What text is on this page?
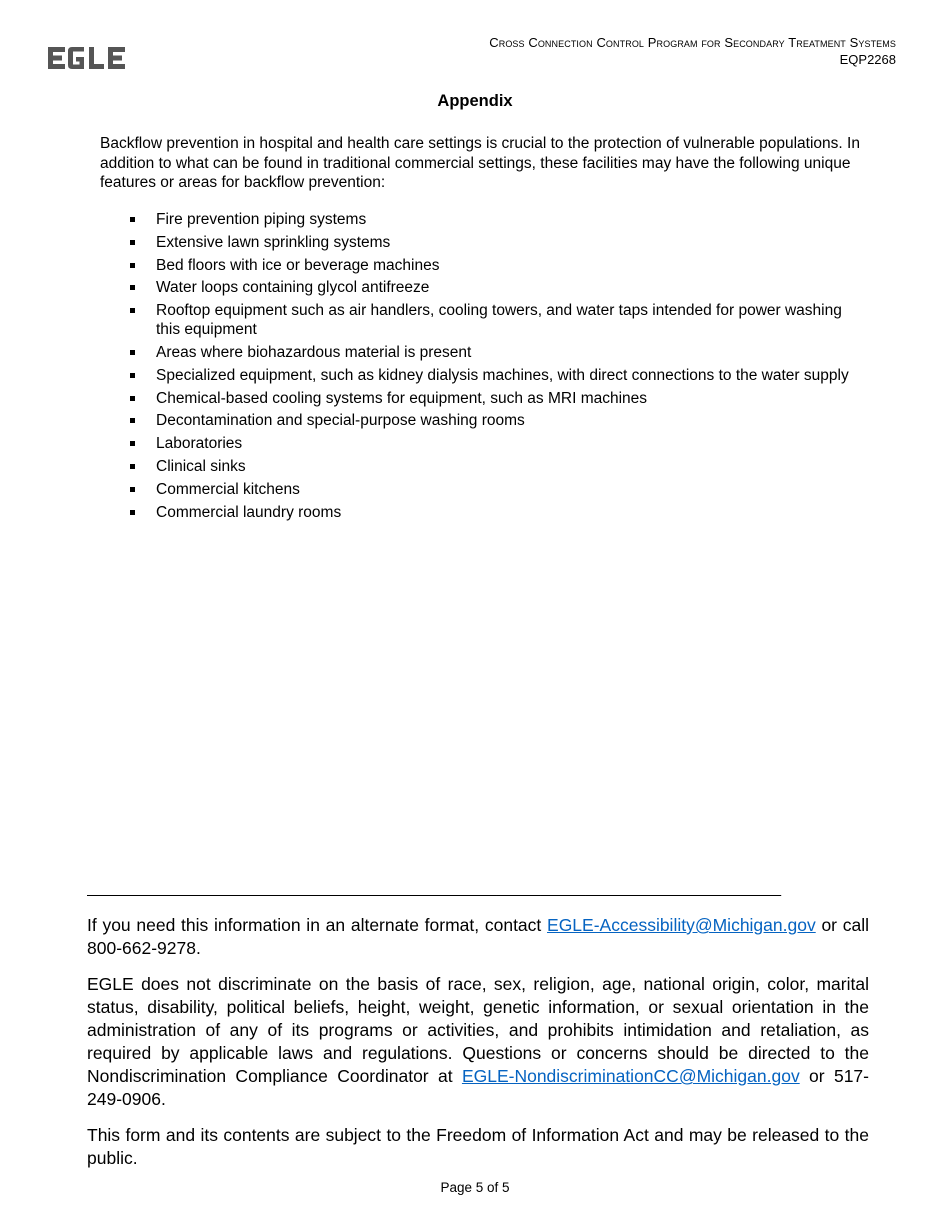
Cross Connection Control Program for Secondary Treatment Systems
EQP2268
Appendix

Backflow prevention in hospital and health care settings is crucial to the protection of vulnerable populations. In addition to what can be found in traditional commercial settings, these facilities may have the following unique features or areas for backflow prevention:

Fire prevention piping systems
Extensive lawn sprinkling systems
Bed floors with ice or beverage machines
Water loops containing glycol antifreeze
Rooftop equipment such as air handlers, cooling towers, and water taps intended for power washing this equipment
Areas where biohazardous material is present
Specialized equipment, such as kidney dialysis machines, with direct connections to the water supply
Chemical-based cooling systems for equipment, such as MRI machines
Decontamination and special-purpose washing rooms
Laboratories
Clinical sinks
Commercial kitchens
Commercial laundry rooms
______________________________________________________________________________

If you need this information in an alternate format, contact EGLE-Accessibility@Michigan.gov or call 800-662-9278.

EGLE does not discriminate on the basis of race, sex, religion, age, national origin, color, marital status, disability, political beliefs, height, weight, genetic information, or sexual orientation in the administration of any of its programs or activities, and prohibits intimidation and retaliation, as required by applicable laws and regulations. Questions or concerns should be directed to the Nondiscrimination Compliance Coordinator at EGLE-NondiscriminationCC@Michigan.gov or 517-249-0906.

This form and its contents are subject to the Freedom of Information Act and may be released to the public.

Page 5 of 5
